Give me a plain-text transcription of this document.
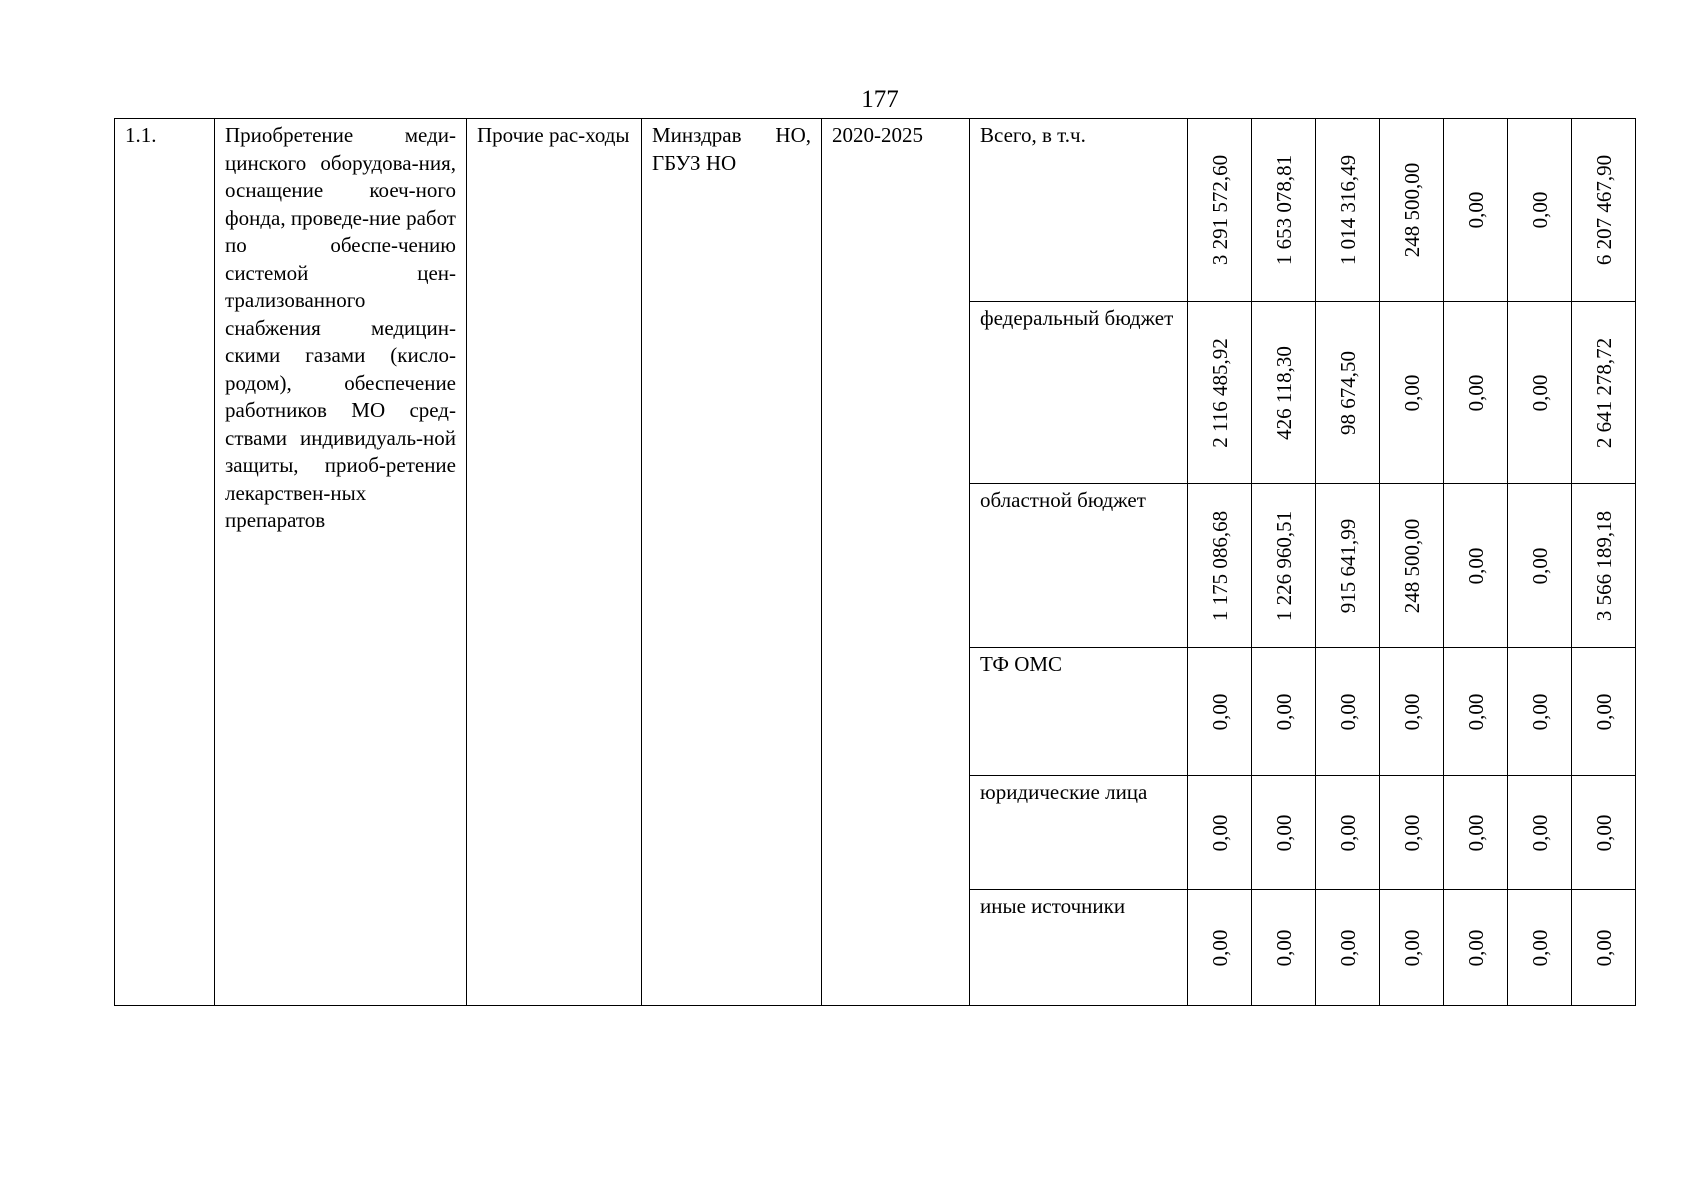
177
1.1.	Приобретение меди-цинского оборудова-ния, оснащение коеч-ного фонда, проведе-ние работ по обеспе-чению системой цен-трализованного снабжения медицин-скими газами (кисло-родом), обеспечение работников МО сред-ствами индивидуаль-ной защиты, приоб-ретение лекарствен-ных препаратов	Прочие рас-ходы	Минздрав НО, ГБУЗ НО	2020-2025	Всего, в т.ч.	3 291 572,60	1 653 078,81	1 014 316,49	248 500,00	0,00	0,00	6 207 467,90

					федеральный бюджет	2 116 485,92	426 118,30	98 674,50	0,00	0,00	0,00	2 641 278,72

					областной бюджет	1 175 086,68	1 226 960,51	915 641,99	248 500,00	0,00	0,00	3 566 189,18

					ТФ ОМС	0,00	0,00	0,00	0,00	0,00	0,00	0,00

					юридические лица	0,00	0,00	0,00	0,00	0,00	0,00	0,00

					иные источники	0,00	0,00	0,00	0,00	0,00	0,00	0,00
